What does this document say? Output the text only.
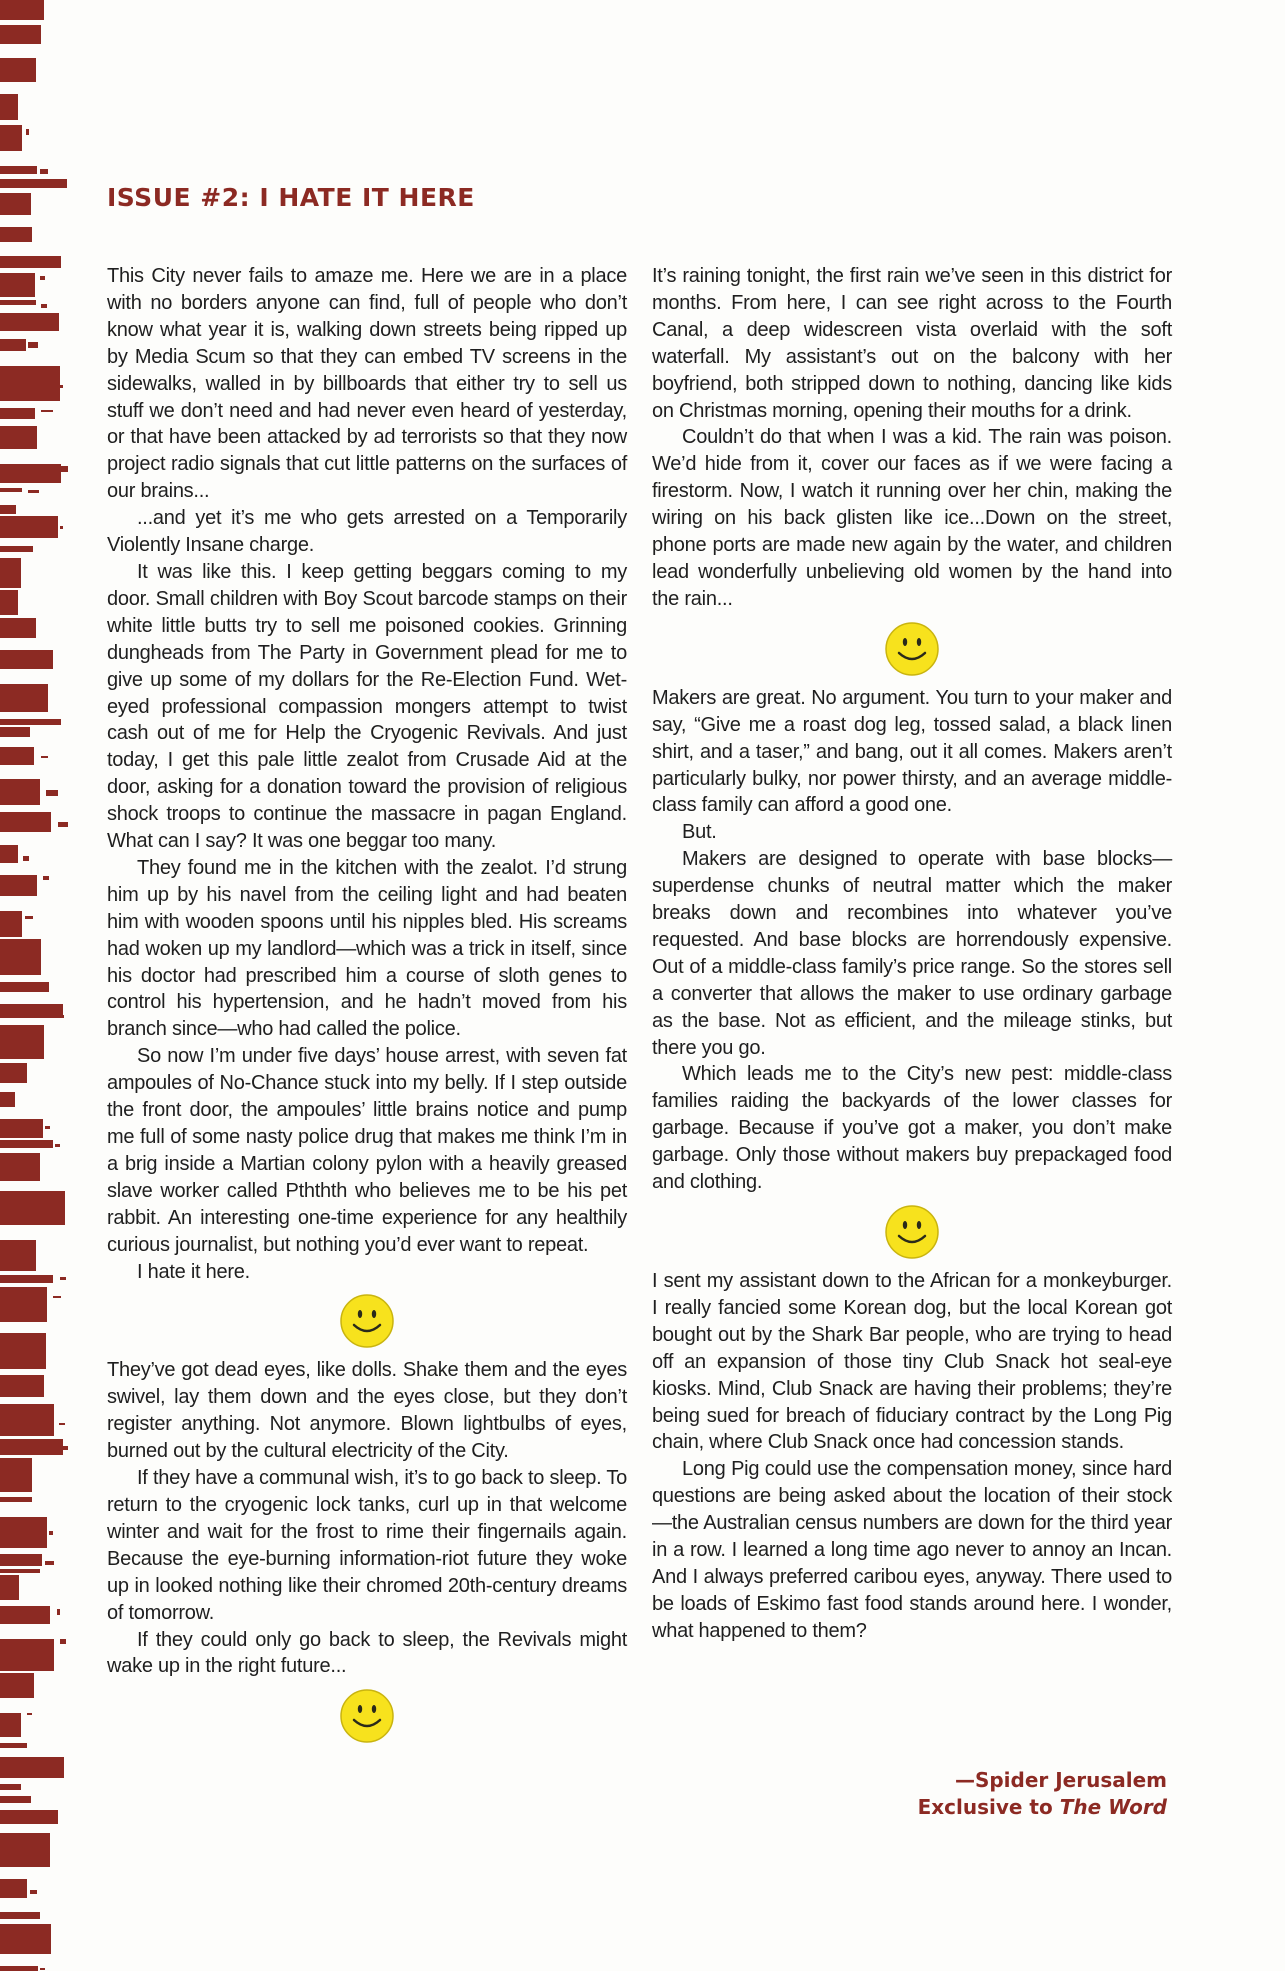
ISSUE #2: I HATE IT HERE

This City never fails to amaze me. Here we are in a place with no borders anyone can find, full of people who don’t know what year it is, walking down streets being ripped up by Media Scum so that they can embed TV screens in the sidewalks, walled in by billboards that either try to sell us stuff we don’t need and had never even heard of yesterday, or that have been attacked by ad terrorists so that they now project radio signals that cut little patterns on the surfaces of our brains...

...and yet it’s me who gets arrested on a Temporarily Violently Insane charge.

It was like this. I keep getting beggars coming to my door. Small children with Boy Scout barcode stamps on their white little butts try to sell me poisoned cookies. Grinning dungheads from The Party in Government plead for me to give up some of my dollars for the Re-Election Fund. Wet-eyed professional compassion mongers attempt to twist cash out of me for Help the Cryogenic Revivals. And just today, I get this pale little zealot from Crusade Aid at the door, asking for a donation toward the provision of religious shock troops to continue the massacre in pagan England. What can I say? It was one beggar too many.

They found me in the kitchen with the zealot. I’d strung him up by his navel from the ceiling light and had beaten him with wooden spoons until his nipples bled. His screams had woken up my landlord—which was a trick in itself, since his doctor had prescribed him a course of sloth genes to control his hypertension, and he hadn’t moved from his branch since—who had called the police.

So now I’m under five days’ house arrest, with seven fat ampoules of No-Chance stuck into my belly. If I step outside the front door, the ampoules’ little brains notice and pump me full of some nasty police drug that makes me think I’m in a brig inside a Martian colony pylon with a heavily greased slave worker called Pththth who believes me to be his pet rabbit. An interesting one-time experience for any healthily curious journalist, but nothing you’d ever want to repeat.

I hate it here.

They’ve got dead eyes, like dolls. Shake them and the eyes swivel, lay them down and the eyes close, but they don’t register anything. Not anymore. Blown lightbulbs of eyes, burned out by the cultural electricity of the City.

If they have a communal wish, it’s to go back to sleep. To return to the cryogenic lock tanks, curl up in that welcome winter and wait for the frost to rime their fingernails again. Because the eye-burning information-riot future they woke up in looked nothing like their chromed 20th-century dreams of tomorrow.

If they could only go back to sleep, the Revivals might wake up in the right future...

It’s raining tonight, the first rain we’ve seen in this district for months. From here, I can see right across to the Fourth Canal, a deep widescreen vista overlaid with the soft waterfall. My assistant’s out on the balcony with her boyfriend, both stripped down to nothing, dancing like kids on Christmas morning, opening their mouths for a drink.

Couldn’t do that when I was a kid. The rain was poison. We’d hide from it, cover our faces as if we were facing a firestorm. Now, I watch it running over her chin, making the wiring on his back glisten like ice...Down on the street, phone ports are made new again by the water, and children lead wonderfully unbelieving old women by the hand into the rain...

Makers are great. No argument. You turn to your maker and say, “Give me a roast dog leg, tossed salad, a black linen shirt, and a taser,” and bang, out it all comes. Makers aren’t particularly bulky, nor power thirsty, and an average middle-class family can afford a good one.

But.

Makers are designed to operate with base blocks—superdense chunks of neutral matter which the maker breaks down and recombines into whatever you’ve requested. And base blocks are horrendously expensive. Out of a middle-class family’s price range. So the stores sell a converter that allows the maker to use ordinary garbage as the base. Not as efficient, and the mileage stinks, but there you go.

Which leads me to the City’s new pest: middle-class families raiding the backyards of the lower classes for garbage. Because if you’ve got a maker, you don’t make garbage. Only those without makers buy prepackaged food and clothing.

I sent my assistant down to the African for a monkeyburger. I really fancied some Korean dog, but the local Korean got bought out by the Shark Bar people, who are trying to head off an expansion of those tiny Club Snack hot seal-eye kiosks. Mind, Club Snack are having their problems; they’re being sued for breach of fiduciary contract by the Long Pig chain, where Club Snack once had concession stands.

Long Pig could use the compensation money, since hard questions are being asked about the location of their stock—the Australian census numbers are down for the third year in a row. I learned a long time ago never to annoy an Incan. And I always preferred caribou eyes, anyway. There used to be loads of Eskimo fast food stands around here. I wonder, what happened to them?

—Spider Jerusalem
Exclusive to The Word
